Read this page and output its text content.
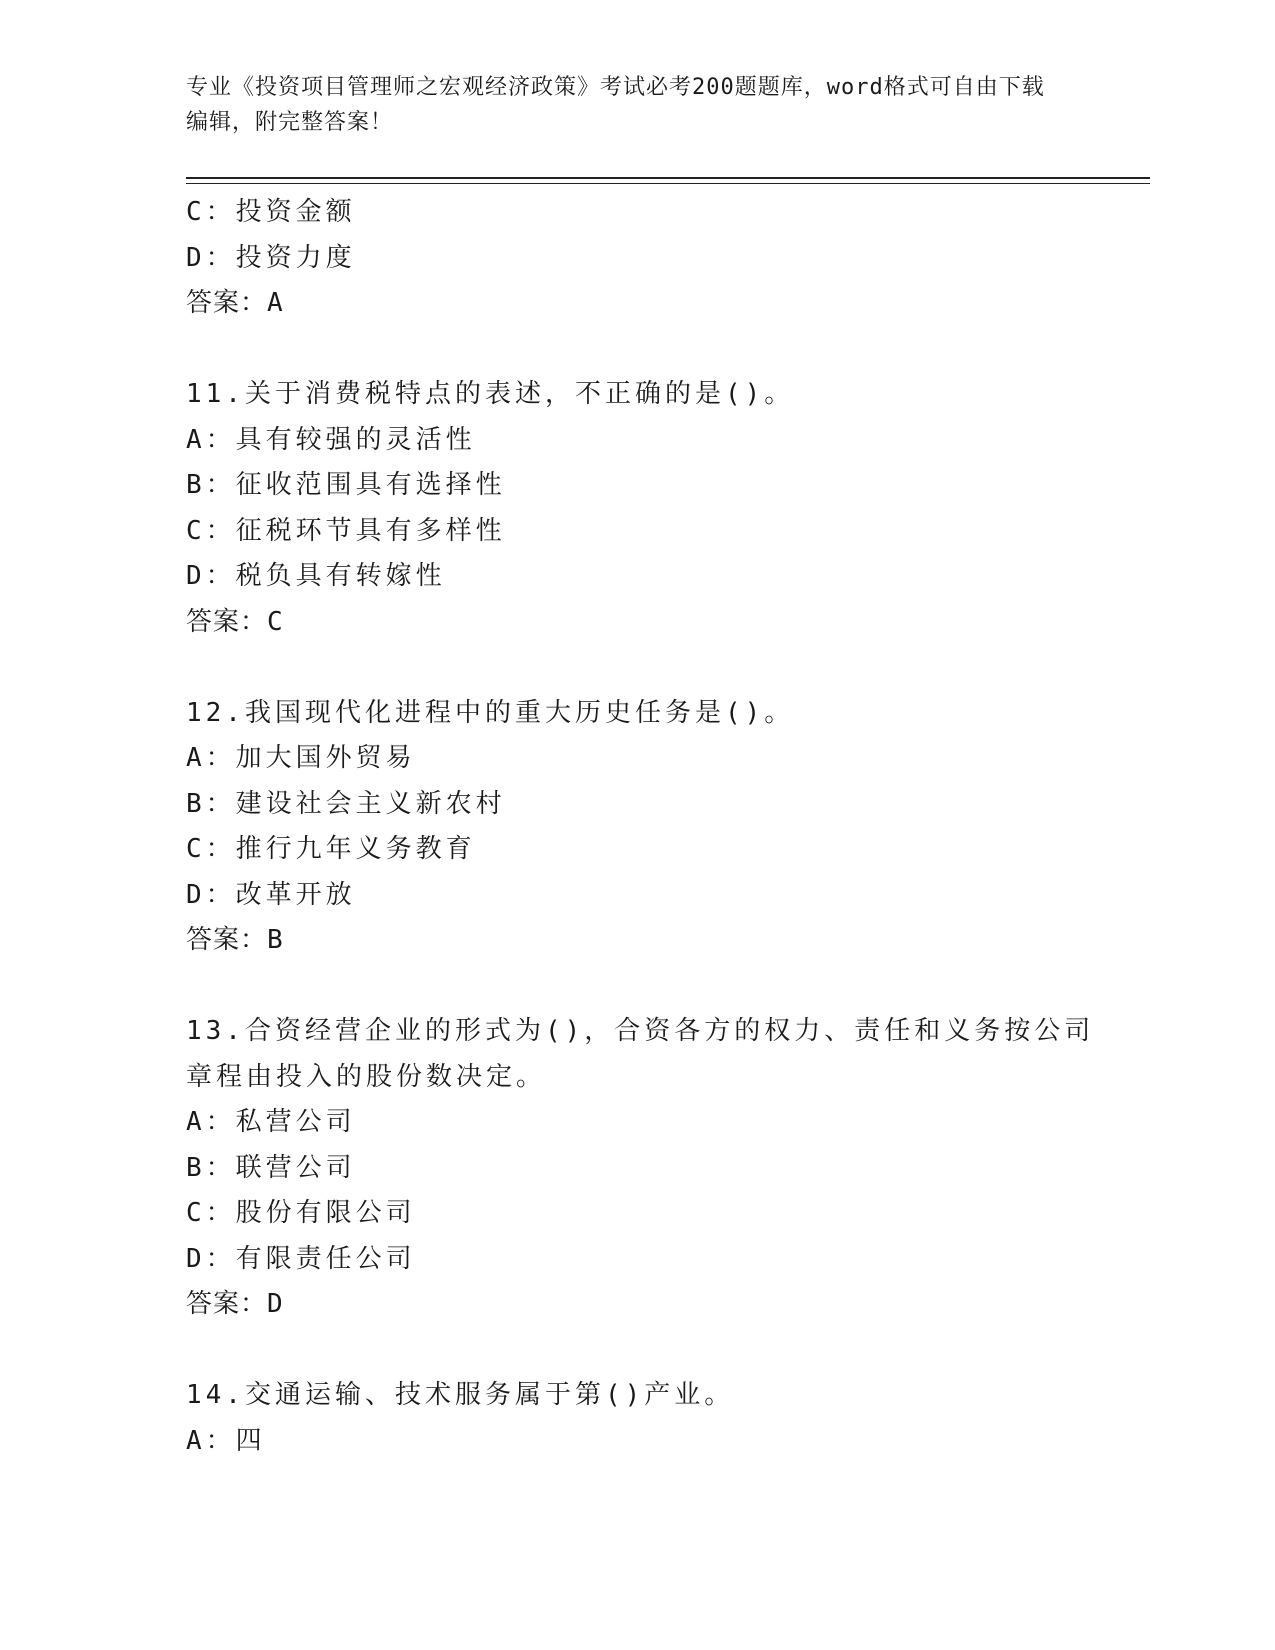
专业《投资项目管理师之宏观经济政策》考试必考200题题库，word格式可自由下载编辑，附完整答案！
C：投资金额
D：投资力度
答案：A
11.关于消费税特点的表述，不正确的是()。
A：具有较强的灵活性
B：征收范围具有选择性
C：征税环节具有多样性
D：税负具有转嫁性
答案：C
12.我国现代化进程中的重大历史任务是()。
A：加大国外贸易
B：建设社会主义新农村
C：推行九年义务教育
D：改革开放
答案：B
13.合资经营企业的形式为()，合资各方的权力、责任和义务按公司章程由投入的股份数决定。
A：私营公司
B：联营公司
C：股份有限公司
D：有限责任公司
答案：D
14.交通运输、技术服务属于第()产业。
A：四
